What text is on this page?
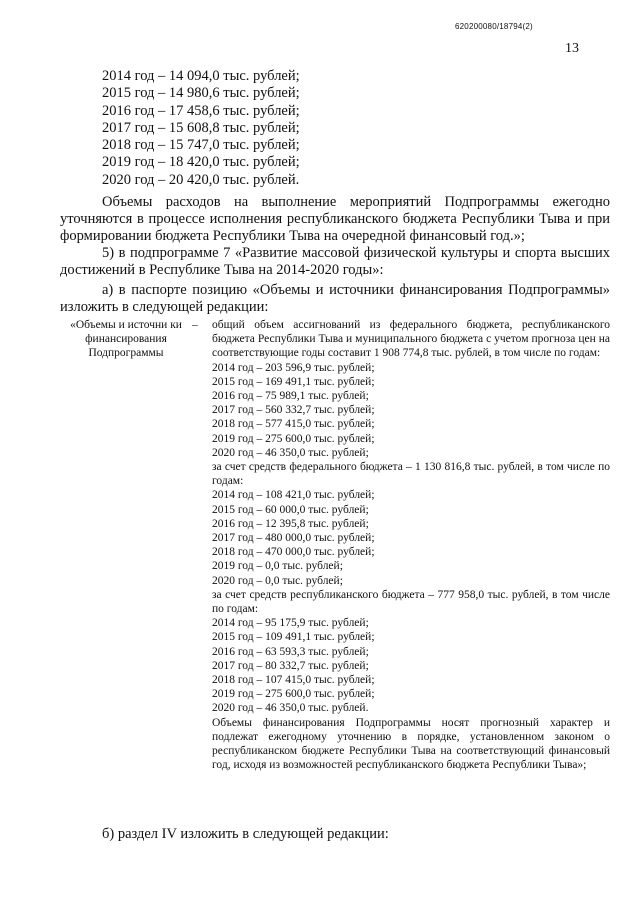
620200080/18794(2)
13
2014 год – 14 094,0 тыс. рублей;
2015 год – 14 980,6 тыс. рублей;
2016 год – 17 458,6 тыс. рублей;
2017 год – 15 608,8 тыс. рублей;
2018 год – 15 747,0 тыс. рублей;
2019 год – 18 420,0 тыс. рублей;
2020 год – 20 420,0 тыс. рублей.
Объемы расходов на выполнение мероприятий Подпрограммы ежегодно уточняются в процессе исполнения республиканского бюджета Республики Тыва и при формировании бюджета Республики Тыва на очередной финансовый год.»;
5) в подпрограмме 7 «Развитие массовой физической культуры и спорта высших достижений в Республике Тыва на 2014-2020 годы»:
а) в паспорте позицию «Объемы и источники финансирования Подпрограммы» изложить в следующей редакции:
«Объемы и источни ки финансирования Подпрограммы
– общий объем ассигнований из федерального бюджета, республиканского бюджета Республики Тыва и муниципального бюджета с учетом прогноза цен на соответствующие годы составит 1 908 774,8 тыс. рублей, в том числе по годам:

2014 год – 203 596,9 тыс. рублей;
2015 год – 169 491,1 тыс. рублей;
2016 год – 75 989,1 тыс. рублей;
2017 год – 560 332,7 тыс. рублей;
2018 год – 577 415,0 тыс. рублей;
2019 год – 275 600,0 тыс. рублей;
2020 год – 46 350,0 тыс. рублей;

за счет средств федерального бюджета – 1 130 816,8 тыс. рублей, в том числе по годам:

2014 год – 108 421,0 тыс. рублей;
2015 год – 60 000,0 тыс. рублей;
2016 год – 12 395,8 тыс. рублей;
2017 год – 480 000,0 тыс. рублей;
2018 год – 470 000,0 тыс. рублей;
2019 год – 0,0 тыс. рублей;
2020 год – 0,0 тыс. рублей;

за счет средств республиканского бюджета – 777 958,0 тыс. рублей, в том числе по годам:

2014 год – 95 175,9 тыс. рублей;
2015 год – 109 491,1 тыс. рублей;
2016 год – 63 593,3 тыс. рублей;
2017 год – 80 332,7 тыс. рублей;
2018 год – 107 415,0 тыс. рублей;
2019 год – 275 600,0 тыс. рублей;
2020 год – 46 350,0 тыс. рублей.

Объемы финансирования Подпрограммы носят прогнозный характер и подлежат ежегодному уточнению в порядке, установленном законом о республиканском бюджете Республики Тыва на соответствующий финансовый год, исходя из возможностей республиканского бюджета Республики Тыва»;

б) раздел IV изложить в следующей редакции:
